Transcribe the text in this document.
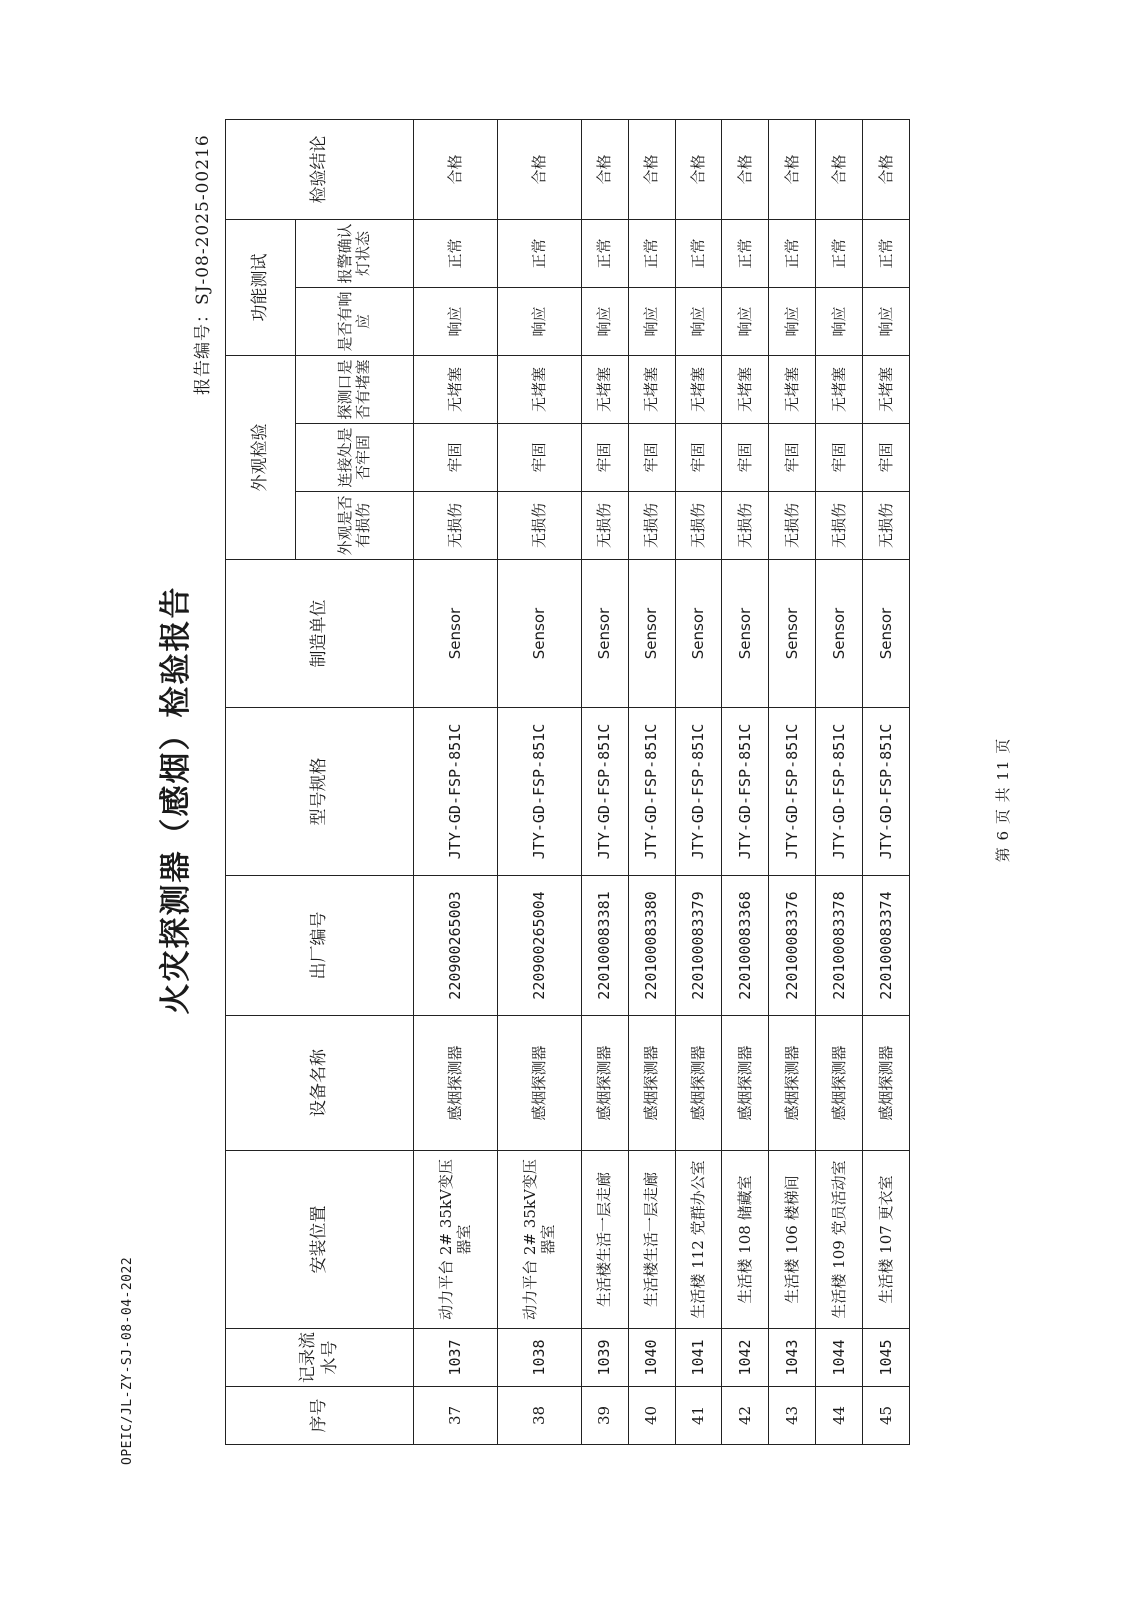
OPEIC/JL-ZY-SJ-08-04-2022
火灾探测器（感烟）检验报告
报告编号：SJ-08-2025-00216
序号	记录流水号	安装位置	设备名称	出厂编号	型号规格	制造单位	外观检验			功能测试		检验结论
							外观是否有损伤	连接处是否牢固	探测口是否有堵塞	是否有响应	报警确认灯状态	
37	1037	动力平台 2# 35kV变压器室	感烟探测器	220900265003	JTY-GD-FSP-851C	Sensor	无损伤	牢固	无堵塞	响应	正常	合格
38	1038	动力平台 2# 35kV变压器室	感烟探测器	220900265004	JTY-GD-FSP-851C	Sensor	无损伤	牢固	无堵塞	响应	正常	合格
39	1039	生活楼生活一层走廊	感烟探测器	220100083381	JTY-GD-FSP-851C	Sensor	无损伤	牢固	无堵塞	响应	正常	合格
40	1040	生活楼生活一层走廊	感烟探测器	220100083380	JTY-GD-FSP-851C	Sensor	无损伤	牢固	无堵塞	响应	正常	合格
41	1041	生活楼 112 党群办公室	感烟探测器	220100083379	JTY-GD-FSP-851C	Sensor	无损伤	牢固	无堵塞	响应	正常	合格
42	1042	生活楼 108 储藏室	感烟探测器	220100083368	JTY-GD-FSP-851C	Sensor	无损伤	牢固	无堵塞	响应	正常	合格
43	1043	生活楼 106 楼梯间	感烟探测器	220100083376	JTY-GD-FSP-851C	Sensor	无损伤	牢固	无堵塞	响应	正常	合格
44	1044	生活楼 109 党员活动室	感烟探测器	220100083378	JTY-GD-FSP-851C	Sensor	无损伤	牢固	无堵塞	响应	正常	合格
45	1045	生活楼 107 更衣室	感烟探测器	220100083374	JTY-GD-FSP-851C	Sensor	无损伤	牢固	无堵塞	响应	正常	合格
第 6 页 共 11 页
